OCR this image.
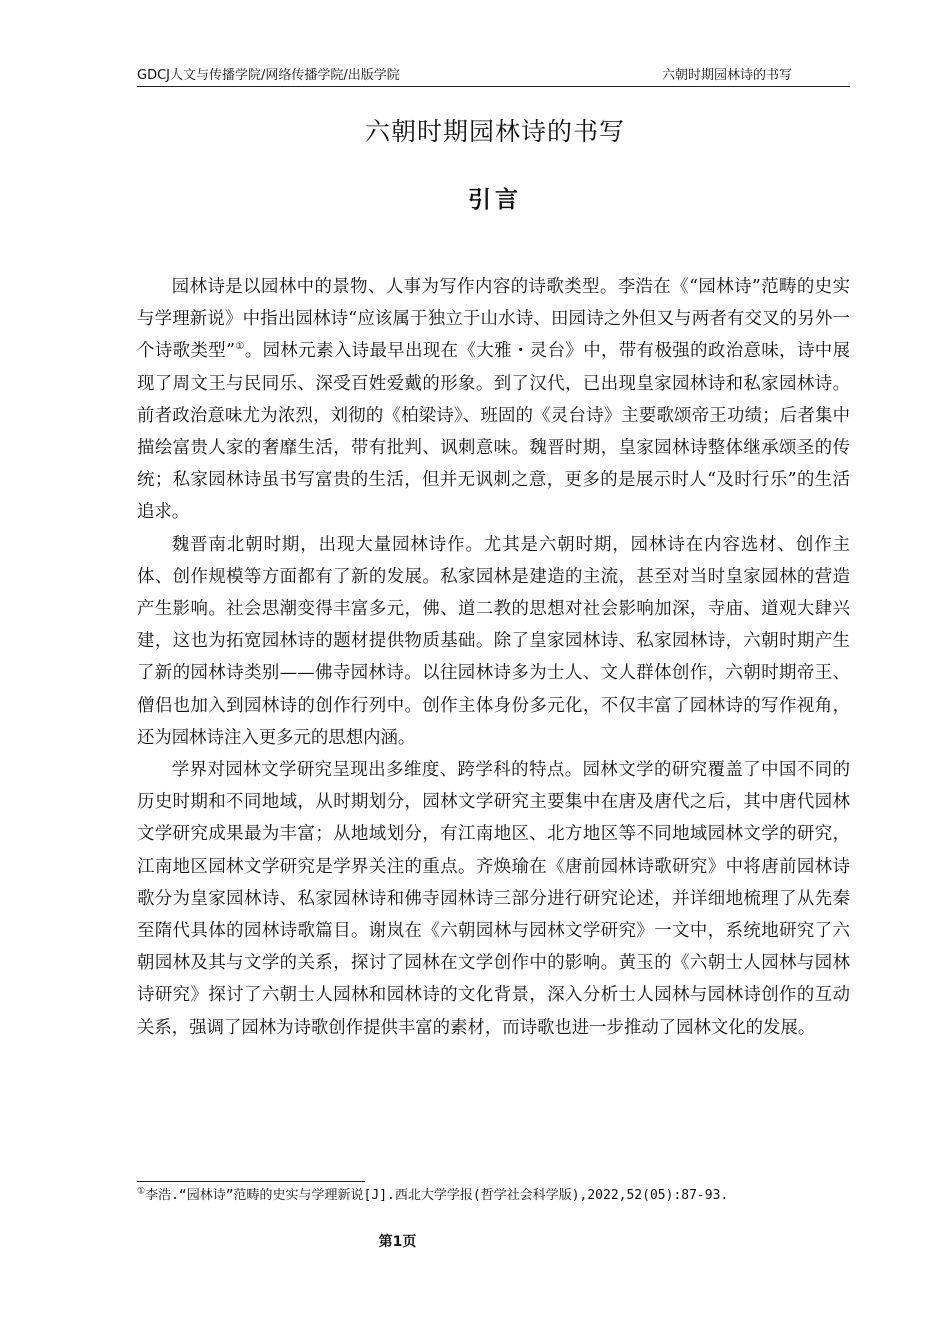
GDCJ人文与传播学院/网络传播学院/出版学院	六朝时期园林诗的书写
六朝时期园林诗的书写
引言

园林诗是以园林中的景物、人事为写作内容的诗歌类型。李浩在《“园林诗”范畴的史实与学理新说》中指出园林诗“应该属于独立于山水诗、田园诗之外但又与两者有交叉的另外一个诗歌类型”①。园林元素入诗最早出现在《大雅・灵台》中，带有极强的政治意味，诗中展现了周文王与民同乐、深受百姓爱戴的形象。到了汉代，已出现皇家园林诗和私家园林诗。前者政治意味尤为浓烈，刘彻的《柏梁诗》、班固的《灵台诗》主要歌颂帝王功绩；后者集中描绘富贵人家的奢靡生活，带有批判、讽刺意味。魏晋时期，皇家园林诗整体继承颂圣的传统；私家园林诗虽书写富贵的生活，但并无讽刺之意，更多的是展示时人“及时行乐”的生活追求。

魏晋南北朝时期，出现大量园林诗作。尤其是六朝时期，园林诗在内容选材、创作主体、创作规模等方面都有了新的发展。私家园林是建造的主流，甚至对当时皇家园林的营造产生影响。社会思潮变得丰富多元，佛、道二教的思想对社会影响加深，寺庙、道观大肆兴建，这也为拓宽园林诗的题材提供物质基础。除了皇家园林诗、私家园林诗，六朝时期产生了新的园林诗类别——佛寺园林诗。以往园林诗多为士人、文人群体创作，六朝时期帝王、僧侣也加入到园林诗的创作行列中。创作主体身份多元化，不仅丰富了园林诗的写作视角，还为园林诗注入更多元的思想内涵。

学界对园林文学研究呈现出多维度、跨学科的特点。园林文学的研究覆盖了中国不同的历史时期和不同地域，从时期划分，园林文学研究主要集中在唐及唐代之后，其中唐代园林文学研究成果最为丰富；从地域划分，有江南地区、北方地区等不同地域园林文学的研究，江南地区园林文学研究是学界关注的重点。齐焕瑜在《唐前园林诗歌研究》中将唐前园林诗歌分为皇家园林诗、私家园林诗和佛寺园林诗三部分进行研究论述，并详细地梳理了从先秦至隋代具体的园林诗歌篇目。谢岚在《六朝园林与园林文学研究》一文中，系统地研究了六朝园林及其与文学的关系，探讨了园林在文学创作中的影响。黄玉的《六朝士人园林与园林诗研究》探讨了六朝士人园林和园林诗的文化背景，深入分析士人园林与园林诗创作的互动关系，强调了园林为诗歌创作提供丰富的素材，而诗歌也进一步推动了园林文化的发展。

①李浩.“园林诗”范畴的史实与学理新说[J].西北大学学报(哲学社会科学版),2022,52(05):87-93.
第1页
